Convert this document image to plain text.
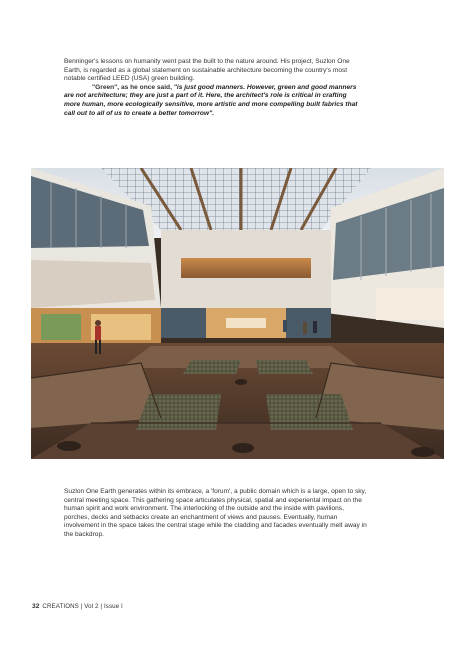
Benninger's lessons on humanity went past the built to the nature around. His project, Suzlon One Earth, is regarded as a global statement on sustainable architecture becoming the country's most notable certified LEED (USA) green building.

"Green", as he once said, "is just good manners. However, green and good manners are not architecture; they are just a part of it. Here, the architect's role is critical in crafting more human, more ecologically sensitive, more artistic and more compelling built fabrics that call out to all of us to create a better tomorrow".

Suzlon One Earth generates within its embrace, a 'forum', a public domain which is a large, open to sky, central meeting space. This gathering space articulates physical, spatial and experiental impact on the human spirit and work environment. The interlocking of the outside and the inside with pavilions, porches, decks and setbacks create an enchantment of views and pauses. Eventually, human involvement in the space takes the central stage while the cladding and facades eventually melt away in the backdrop.

32 CREATIONS | Vol 2 | Issue I
